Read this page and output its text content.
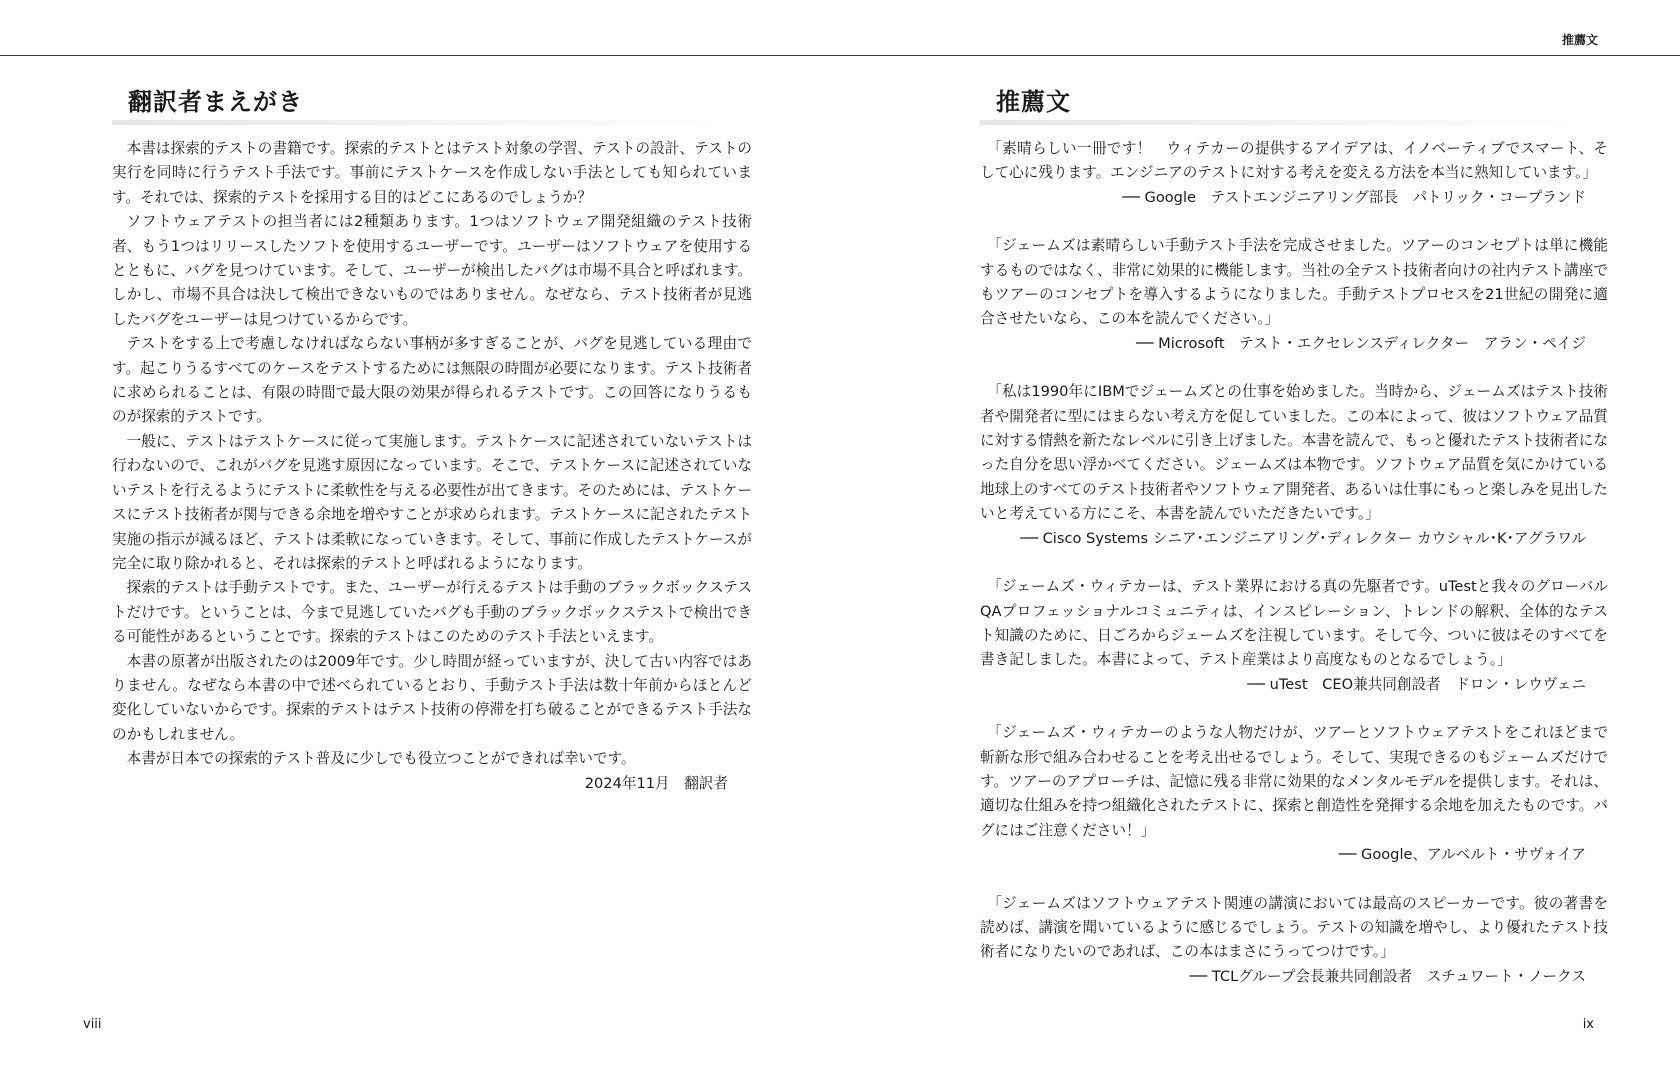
推薦文
翻訳者まえがき

本書は探索的テストの書籍です。探索的テストとはテスト対象の学習、テストの設計、テストの実行を同時に行うテスト手法です。事前にテストケースを作成しない手法としても知られています。それでは、探索的テストを採用する目的はどこにあるのでしょうか？

ソフトウェアテストの担当者には2種類あります。1つはソフトウェア開発組織のテスト技術者、もう1つはリリースしたソフトを使用するユーザーです。ユーザーはソフトウェアを使用するとともに、バグを見つけています。そして、ユーザーが検出したバグは市場不具合と呼ばれます。しかし、市場不具合は決して検出できないものではありません。なぜなら、テスト技術者が見逃したバグをユーザーは見つけているからです。

テストをする上で考慮しなければならない事柄が多すぎることが、バグを見逃している理由です。起こりうるすべてのケースをテストするためには無限の時間が必要になります。テスト技術者に求められることは、有限の時間で最大限の効果が得られるテストです。この回答になりうるものが探索的テストです。

一般に、テストはテストケースに従って実施します。テストケースに記述されていないテストは行わないので、これがバグを見逃す原因になっています。そこで、テストケースに記述されていないテストを行えるようにテストに柔軟性を与える必要性が出てきます。そのためには、テストケースにテスト技術者が関与できる余地を増やすことが求められます。テストケースに記されたテスト実施の指示が減るほど、テストは柔軟になっていきます。そして、事前に作成したテストケースが完全に取り除かれると、それは探索的テストと呼ばれるようになります。

探索的テストは手動テストです。また、ユーザーが行えるテストは手動のブラックボックステストだけです。ということは、今まで見逃していたバグも手動のブラックボックステストで検出できる可能性があるということです。探索的テストはこのためのテスト手法といえます。

本書の原著が出版されたのは2009年です。少し時間が経っていますが、決して古い内容ではありません。なぜなら本書の中で述べられているとおり、手動テスト手法は数十年前からほとんど変化していないからです。探索的テストはテスト技術の停滞を打ち破ることができるテスト手法なのかもしれません。

本書が日本での探索的テスト普及に少しでも役立つことができれば幸いです。

2024年11月　翻訳者
推薦文

「素晴らしい一冊です！　ウィテカーの提供するアイデアは、イノベーティブでスマート、そして心に残ります。エンジニアのテストに対する考えを変える方法を本当に熟知しています。」

── Google　テストエンジニアリング部長　パトリック・コープランド

「ジェームズは素晴らしい手動テスト手法を完成させました。ツアーのコンセプトは単に機能するものではなく、非常に効果的に機能します。当社の全テスト技術者向けの社内テスト講座でもツアーのコンセプトを導入するようになりました。手動テストプロセスを21世紀の開発に適合させたいなら、この本を読んでください。」

── Microsoft　テスト・エクセレンスディレクター　アラン・ペイジ

「私は1990年にIBMでジェームズとの仕事を始めました。当時から、ジェームズはテスト技術者や開発者に型にはまらない考え方を促していました。この本によって、彼はソフトウェア品質に対する情熱を新たなレベルに引き上げました。本書を読んで、もっと優れたテスト技術者になった自分を思い浮かべてください。ジェームズは本物です。ソフトウェア品質を気にかけている地球上のすべてのテスト技術者やソフトウェア開発者、あるいは仕事にもっと楽しみを見出したいと考えている方にこそ、本書を読んでいただきたいです。」

── Cisco Systems シニア･エンジニアリング･ディレクター カウシャル･K･アグラワル

「ジェームズ・ウィテカーは、テスト業界における真の先駆者です。uTestと我々のグローバルQAプロフェッショナルコミュニティは、インスピレーション、トレンドの解釈、全体的なテスト知識のために、日ごろからジェームズを注視しています。そして今、ついに彼はそのすべてを書き記しました。本書によって、テスト産業はより高度なものとなるでしょう。」

── uTest　CEO兼共同創設者　ドロン・レウヴェニ

「ジェームズ・ウィテカーのような人物だけが、ツアーとソフトウェアテストをこれほどまで斬新な形で組み合わせることを考え出せるでしょう。そして、実現できるのもジェームズだけです。ツアーのアプローチは、記憶に残る非常に効果的なメンタルモデルを提供します。それは、適切な仕組みを持つ組織化されたテストに、探索と創造性を発揮する余地を加えたものです。バグにはご注意ください！」

── Google、アルベルト・サヴォイア

「ジェームズはソフトウェアテスト関連の講演においては最高のスピーカーです。彼の著書を読めば、講演を聞いているように感じるでしょう。テストの知識を増やし、より優れたテスト技術者になりたいのであれば、この本はまさにうってつけです。」

── TCLグループ会長兼共同創設者　スチュワート・ノークス

viii	ix
